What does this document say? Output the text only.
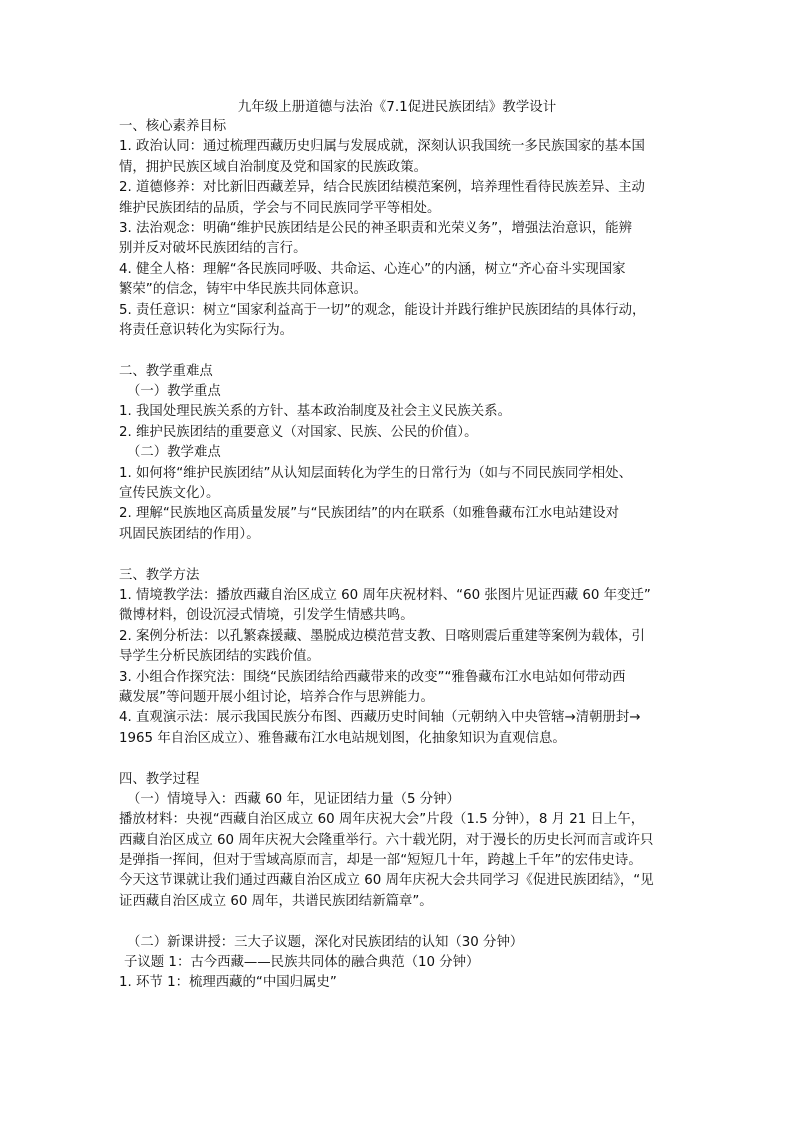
九年级上册道德与法治《7.1促进民族团结》教学设计
一、核心素养目标
1. 政治认同：通过梳理西藏历史归属与发展成就，深刻认识我国统一多民族国家的基本国
情，拥护民族区域自治制度及党和国家的民族政策。
2. 道德修养：对比新旧西藏差异，结合民族团结模范案例，培养理性看待民族差异、主动
维护民族团结的品质，学会与不同民族同学平等相处。
3. 法治观念：明确“维护民族团结是公民的神圣职责和光荣义务”，增强法治意识，能辨
别并反对破坏民族团结的言行。
4. 健全人格：理解“各民族同呼吸、共命运、心连心”的内涵，树立“齐心奋斗实现国家
繁荣”的信念，铸牢中华民族共同体意识。
5. 责任意识：树立“国家利益高于一切”的观念，能设计并践行维护民族团结的具体行动，
将责任意识转化为实际行为。
二、教学重难点
（一）教学重点
1. 我国处理民族关系的方针、基本政治制度及社会主义民族关系。
2. 维护民族团结的重要意义（对国家、民族、公民的价值）。
（二）教学难点
1. 如何将“维护民族团结”从认知层面转化为学生的日常行为（如与不同民族同学相处、
宣传民族文化）。
2. 理解“民族地区高质量发展”与“民族团结”的内在联系（如雅鲁藏布江水电站建设对
巩固民族团结的作用）。
三、教学方法
1. 情境教学法：播放西藏自治区成立 60 周年庆祝材料、“60 张图片见证西藏 60 年变迁”
微博材料，创设沉浸式情境，引发学生情感共鸣。
2. 案例分析法：以孔繁森援藏、墨脱成边模范营支教、日喀则震后重建等案例为载体，引
导学生分析民族团结的实践价值。
3. 小组合作探究法：围绕“民族团结给西藏带来的改变”“雅鲁藏布江水电站如何带动西
藏发展”等问题开展小组讨论，培养合作与思辨能力。
4. 直观演示法：展示我国民族分布图、西藏历史时间轴（元朝纳入中央管辖→清朝册封→
1965 年自治区成立）、雅鲁藏布江水电站规划图，化抽象知识为直观信息。
四、教学过程
（一）情境导入：西藏 60 年，见证团结力量（5 分钟）
播放材料：央视“西藏自治区成立 60 周年庆祝大会”片段（1.5 分钟），8 月 21 日上午，
西藏自治区成立 60 周年庆祝大会隆重举行。六十载光阴，对于漫长的历史长河而言或许只
是弹指一挥间，但对于雪域高原而言，却是一部“短短几十年，跨越上千年”的宏伟史诗。
今天这节课就让我们通过西藏自治区成立 60 周年庆祝大会共同学习《促进民族团结》，“见
证西藏自治区成立 60 周年，共谱民族团结新篇章”。
（二）新课讲授：三大子议题，深化对民族团结的认知（30 分钟）
子议题 1：古今西藏——民族共同体的融合典范（10 分钟）
1. 环节 1：梳理西藏的“中国归属史”
